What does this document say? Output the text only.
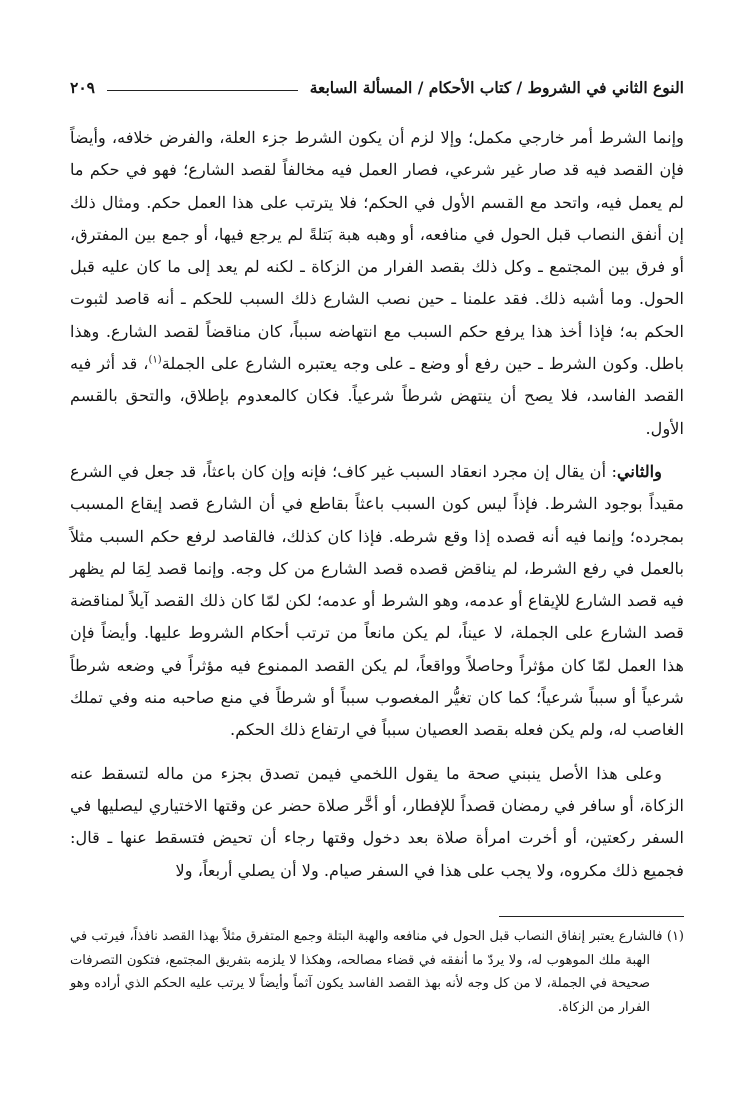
النوع الثاني في الشروط / كتاب الأحكام / المسألة السابعة
٢٠٩

وإنما الشرط أمر خارجي مكمل؛ وإلا لزم أن يكون الشرط جزء العلة، والفرض خلافه، وأيضاً فإن القصد فيه قد صار غير شرعي، فصار العمل فيه مخالفاً لقصد الشارع؛ فهو في حكم ما لم يعمل فيه، واتحد مع القسم الأول في الحكم؛ فلا يترتب على هذا العمل حكم. ومثال ذلك إن أنفق النصاب قبل الحول في منافعه، أو وهبه هبة بَتلةً لم يرجع فيها، أو جمع بين المفترق، أو فرق بين المجتمع ـ وكل ذلك بقصد الفرار من الزكاة ـ لكنه لم يعد إلى ما كان عليه قبل الحول. وما أشبه ذلك. فقد علمنا ـ حين نصب الشارع ذلك السبب للحكم ـ أنه قاصد لثبوت الحكم به؛ فإذا أخذ هذا يرفع حكم السبب مع انتهاضه سبباً، كان مناقضاً لقصد الشارع. وهذا باطل. وكون الشرط ـ حين رفع أو وضع ـ على وجه يعتبره الشارع على الجملة$^{(١)}$، قد أثر فيه القصد الفاسد، فلا يصح أن ينتهض شرطاً شرعياً. فكان كالمعدوم بإطلاق، والتحق بالقسم الأول.

والثاني: أن يقال إن مجرد انعقاد السبب غير كاف؛ فإنه وإن كان باعثاً، قد جعل في الشرع مقيداً بوجود الشرط. فإذاً ليس كون السبب باعثاً بقاطع في أن الشارع قصد إيقاع المسبب بمجرده؛ وإنما فيه أنه قصده إذا وقع شرطه. فإذا كان كذلك، فالقاصد لرفع حكم السبب مثلاً بالعمل في رفع الشرط، لم يناقض قصده قصد الشارع من كل وجه. وإنما قصد لِمَا لم يظهر فيه قصد الشارع للإيقاع أو عدمه، وهو الشرط أو عدمه؛ لكن لمّا كان ذلك القصد آيلاً لمناقضة قصد الشارع على الجملة، لا عيناً، لم يكن مانعاً من ترتب أحكام الشروط عليها. وأيضاً فإن هذا العمل لمّا كان مؤثراً وحاصلاً وواقعاً، لم يكن القصد الممنوع فيه مؤثراً في وضعه شرطاً شرعياً أو سبباً شرعياً؛ كما كان تغيُّر المغصوب سبباً أو شرطاً في منع صاحبه منه وفي تملك الغاصب له، ولم يكن فعله بقصد العصيان سبباً في ارتفاع ذلك الحكم.

وعلى هذا الأصل ينبني صحة ما يقول اللخمي فيمن تصدق بجزء من ماله لتسقط عنه الزكاة، أو سافر في رمضان قصداً للإفطار، أو أخَّر صلاة حضر عن وقتها الاختياري ليصليها في السفر ركعتين، أو أخرت امرأة صلاة بعد دخول وقتها رجاء أن تحيض فتسقط عنها ـ قال: فجميع ذلك مكروه، ولا يجب على هذا في السفر صيام. ولا أن يصلي أربعاً، ولا

(١) فالشارع يعتبر إنفاق النصاب قبل الحول في منافعه والهبة البتلة وجمع المتفرق مثلاً بهذا القصد نافذاً، فيرتب في الهبة ملك الموهوب له، ولا يردّ ما أنفقه في قضاء مصالحه، وهكذا لا يلزمه بتفريق المجتمع، فتكون التصرفات صحيحة في الجملة، لا من كل وجه لأنه بهذ القصد الفاسد يكون آثماً وأيضاً لا يرتب عليه الحكم الذي أراده وهو الفرار من الزكاة.
